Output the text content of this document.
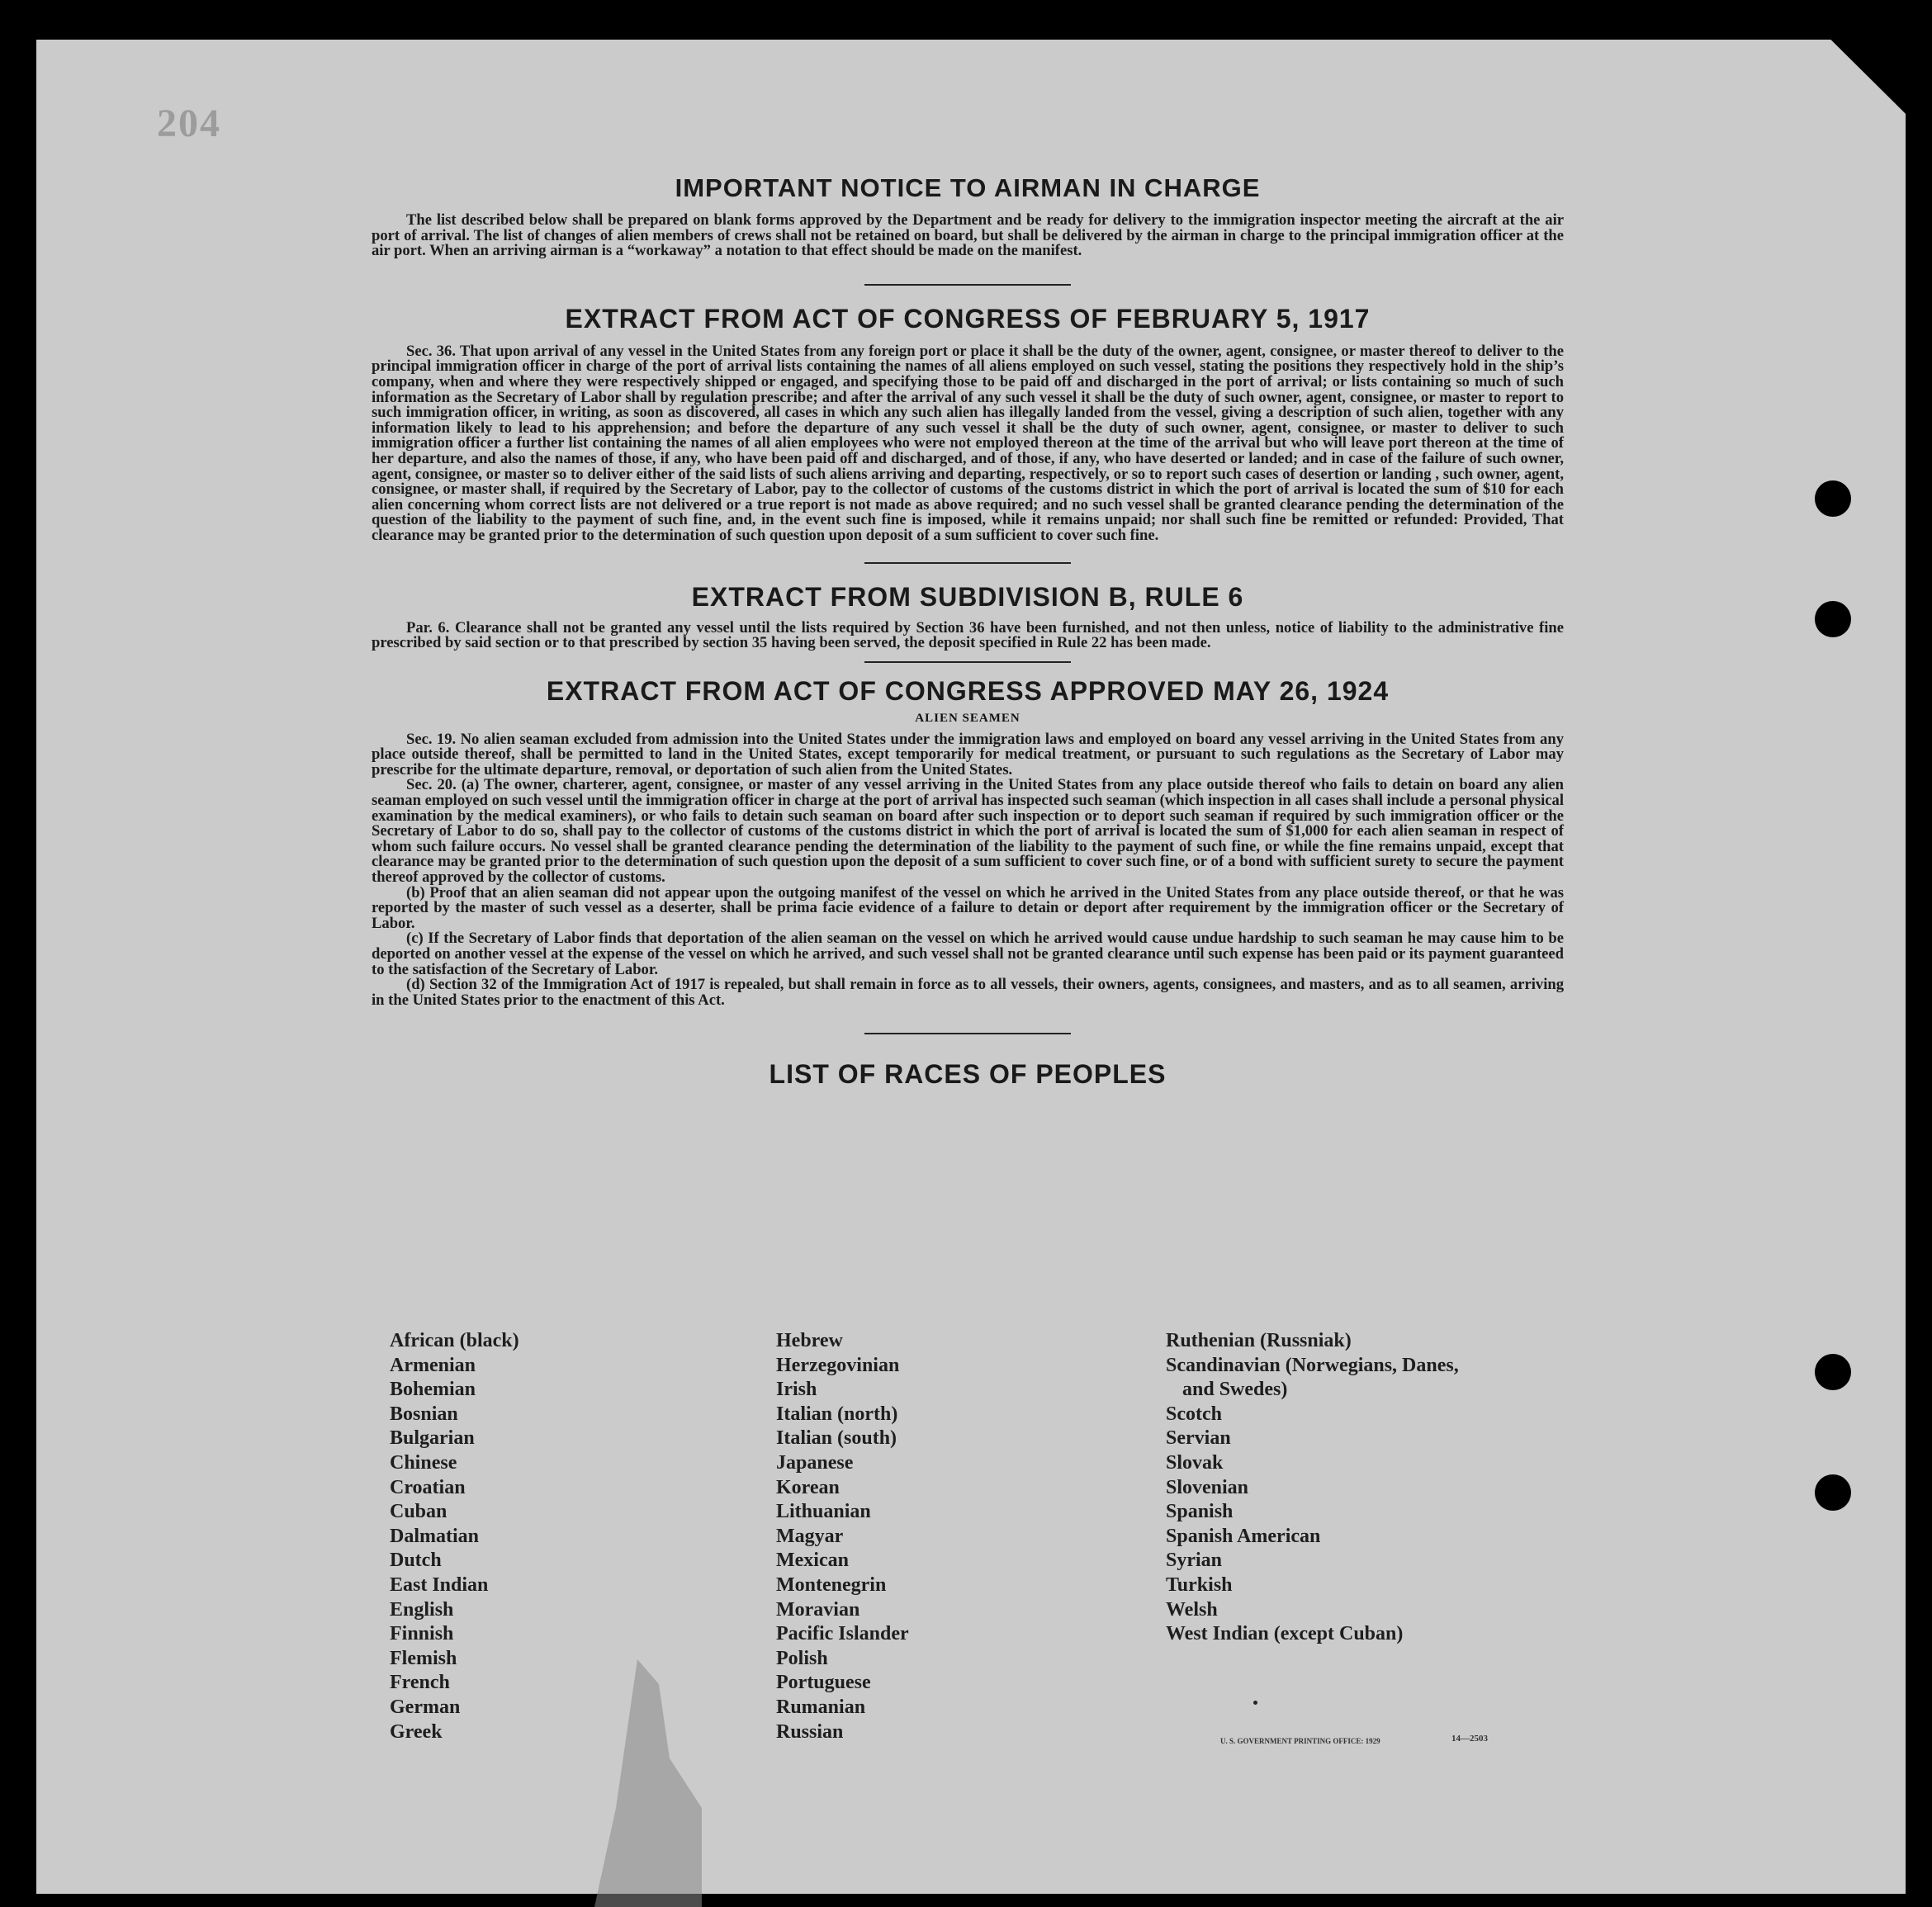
204
IMPORTANT NOTICE TO AIRMAN IN CHARGE

The list described below shall be prepared on blank forms approved by the Department and be ready for delivery to the immigration inspector meeting the aircraft at the air port of arrival. The list of changes of alien members of crews shall not be retained on board, but shall be delivered by the airman in charge to the principal immigration officer at the air port. When an arriving airman is a “workaway” a notation to that effect should be made on the manifest.

EXTRACT FROM ACT OF CONGRESS OF FEBRUARY 5, 1917

Sec. 36. That upon arrival of any vessel in the United States from any foreign port or place it shall be the duty of the owner, agent, consignee, or master thereof to deliver to the principal immigration officer in charge of the port of arrival lists containing the names of all aliens employed on such vessel, stating the positions they respectively hold in the ship’s company, when and where they were respectively shipped or engaged, and specifying those to be paid off and discharged in the port of arrival; or lists containing so much of such information as the Secretary of Labor shall by regulation prescribe; and after the arrival of any such vessel it shall be the duty of such owner, agent, consignee, or master to report to such immigration officer, in writing, as soon as discovered, all cases in which any such alien has illegally landed from the vessel, giving a description of such alien, together with any information likely to lead to his apprehension; and before the departure of any such vessel it shall be the duty of such owner, agent, consignee, or master to deliver to such immigration officer a further list containing the names of all alien employees who were not employed thereon at the time of the arrival but who will leave port thereon at the time of her departure, and also the names of those, if any, who have been paid off and discharged, and of those, if any, who have deserted or landed; and in case of the failure of such owner, agent, consignee, or master so to deliver either of the said lists of such aliens arriving and departing, respectively, or so to report such cases of desertion or landing , such owner, agent, consignee, or master shall, if required by the Secretary of Labor, pay to the collector of customs of the customs district in which the port of arrival is located the sum of $10 for each alien concerning whom correct lists are not delivered or a true report is not made as above required; and no such vessel shall be granted clearance pending the determination of the question of the liability to the payment of such fine, and, in the event such fine is imposed, while it remains unpaid; nor shall such fine be remitted or refunded: Provided, That clearance may be granted prior to the determination of such question upon deposit of a sum sufficient to cover such fine.

EXTRACT FROM SUBDIVISION B, RULE 6

Par. 6. Clearance shall not be granted any vessel until the lists required by Section 36 have been furnished, and not then unless, notice of liability to the administrative fine prescribed by said section or to that prescribed by section 35 having been served, the deposit specified in Rule 22 has been made.

EXTRACT FROM ACT OF CONGRESS APPROVED MAY 26, 1924
ALIEN SEAMEN

Sec. 19. No alien seaman excluded from admission into the United States under the immigration laws and employed on board any vessel arriving in the United States from any place outside thereof, shall be permitted to land in the United States, except temporarily for medical treatment, or pursuant to such regulations as the Secretary of Labor may prescribe for the ultimate departure, removal, or deportation of such alien from the United States.

Sec. 20. (a) The owner, charterer, agent, consignee, or master of any vessel arriving in the United States from any place outside thereof who fails to detain on board any alien seaman employed on such vessel until the immigration officer in charge at the port of arrival has inspected such seaman (which inspection in all cases shall include a personal physical examination by the medical examiners), or who fails to detain such seaman on board after such inspection or to deport such seaman if required by such immigration officer or the Secretary of Labor to do so, shall pay to the collector of customs of the customs district in which the port of arrival is located the sum of $1,000 for each alien seaman in respect of whom such failure occurs. No vessel shall be granted clearance pending the determination of the liability to the payment of such fine, or while the fine remains unpaid, except that clearance may be granted prior to the determination of such question upon the deposit of a sum sufficient to cover such fine, or of a bond with sufficient surety to secure the payment thereof approved by the collector of customs.

(b) Proof that an alien seaman did not appear upon the outgoing manifest of the vessel on which he arrived in the United States from any place outside thereof, or that he was reported by the master of such vessel as a deserter, shall be prima facie evidence of a failure to detain or deport after requirement by the immigration officer or the Secretary of Labor.

(c) If the Secretary of Labor finds that deportation of the alien seaman on the vessel on which he arrived would cause undue hardship to such seaman he may cause him to be deported on another vessel at the expense of the vessel on which he arrived, and such vessel shall not be granted clearance until such expense has been paid or its payment guaranteed to the satisfaction of the Secretary of Labor.

(d) Section 32 of the Immigration Act of 1917 is repealed, but shall remain in force as to all vessels, their owners, agents, consignees, and masters, and as to all seamen, arriving in the United States prior to the enactment of this Act.

LIST OF RACES OF PEOPLES
African (black)
Armenian
Bohemian
Bosnian
Bulgarian
Chinese
Croatian
Cuban
Dalmatian
Dutch
East Indian
English
Finnish
Flemish
French
German
Greek
Hebrew
Herzegovinian
Irish
Italian (north)
Italian (south)
Japanese
Korean
Lithuanian
Magyar
Mexican
Montenegrin
Moravian
Pacific Islander
Polish
Portuguese
Rumanian
Russian
Ruthenian (Russniak)
Scandinavian (Norwegians, Danes,
and Swedes)
Scotch
Servian
Slovak
Slovenian
Spanish
Spanish American
Syrian
Turkish
Welsh
West Indian (except Cuban)
U. S. GOVERNMENT PRINTING OFFICE: 1929	14—2503
